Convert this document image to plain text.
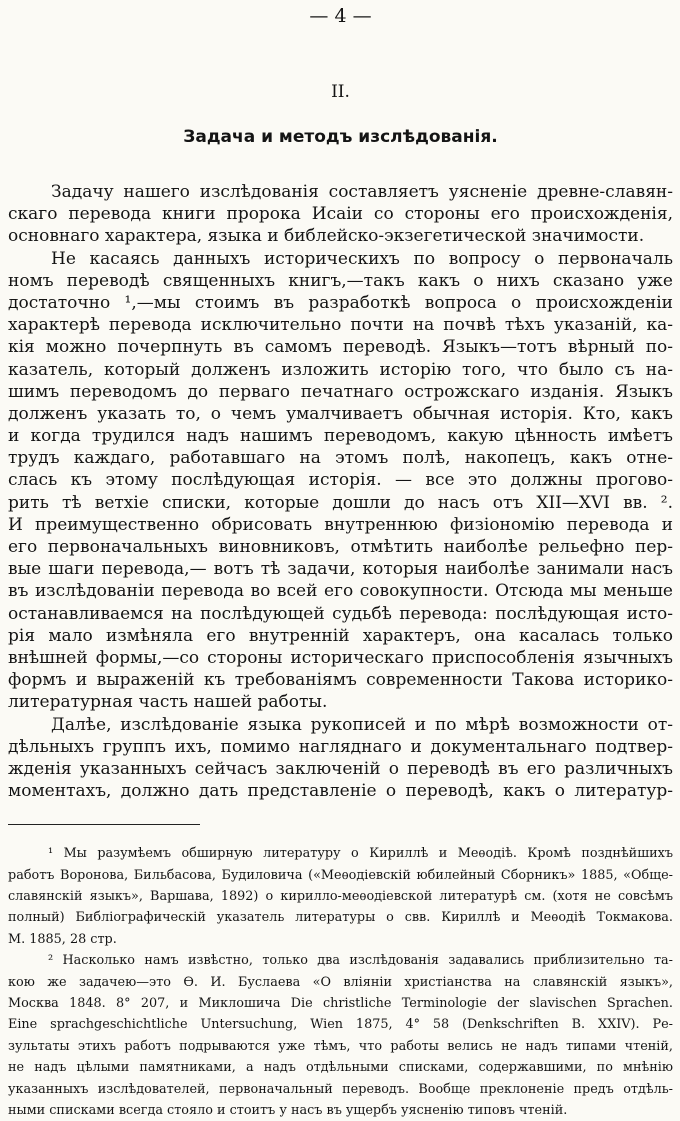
— 4 —
II.
Задача и методъ изслѣдованія.
Задачу нашего изслѣдованія составляетъ уясненіе древне-славян-
скаго перевода книги пророка Исаіи со стороны его происхожденія,
основнаго характера, языка и библейско-экзегетической значимости.
Не касаясь данныхъ историческихъ по вопросу о первоначаль
номъ переводѣ священныхъ книгъ,—такъ какъ о нихъ сказано уже
достаточно ¹,—мы стоимъ въ разработкѣ вопроса о происхожденіи
характерѣ перевода исключительно почти на почвѣ тѣхъ указаній, ка-
кія можно почерпнуть въ самомъ переводѣ. Языкъ—тотъ вѣрный по-
казатель, который долженъ изложить исторію того, что было съ на-
шимъ переводомъ до перваго печатнаго острожскаго изданія. Языкъ
долженъ указать то, о чемъ умалчиваетъ обычная исторія. Кто, какъ
и когда трудился надъ нашимъ переводомъ, какую цѣнность имѣетъ
трудъ каждаго, работавшаго на этомъ полѣ, накопецъ, какъ отне-
слась къ этому послѣдующая исторія. — все это должны прогово-
рить тѣ ветхіе списки, которые дошли до насъ отъ XII—XVI вв. ².
И преимущественно обрисовать внутреннюю физіономію перевода и
его первоначальныхъ виновниковъ, отмѣтить наиболѣе рельефно пер-
вые шаги перевода,— вотъ тѣ задачи, которыя наиболѣе занимали насъ
въ изслѣдованіи перевода во всей его совокупности. Отсюда мы меньше
останавливаемся на послѣдующей судьбѣ перевода: послѣдующая исто-
рія мало измѣняла его внутренній характеръ, она касалась только
внѣшней формы,—со стороны историческаго приспособленія язычныхъ
формъ и выраженій къ требованіямъ современности Такова историко-
литературная часть нашей работы.
Далѣе, изслѣдованіе языка рукописей и по мѣрѣ возможности от-
дѣльныхъ группъ ихъ, помимо нагляднаго и документальнаго подтвер-
жденія указанныхъ сейчасъ заключеній о переводѣ въ его различныхъ
моментахъ, должно дать представленіе о переводѣ, какъ о литератур-
¹ Мы разумѣемъ обширную литературу о Кириллѣ и Меѳодіѣ. Кромѣ позднѣйшихъ
работъ Воронова, Бильбасова, Будиловича («Меѳодіевскій юбилейный Сборникъ» 1885, «Обще-
славянскій языкъ», Варшава, 1892) о кирилло-меѳодіевской литературѣ см. (хотя не совсѣмъ
полный) Библіографическій указатель литературы о свв. Кириллѣ и Меѳодіѣ Токмакова.
М. 1885, 28 стр.
² Насколько намъ извѣстно, только два изслѣдованія задавались приблизительно та-
кою же задачею—это Ѳ. И. Буслаева «О вліяніи христіанства на славянскій языкъ»,
Москва 1848. 8° 207, и Миклошича Die christliche Terminologie der slavischen Sprachen.
Eine sprachgeschichtliche Untersuchung, Wien 1875, 4° 58 (Denkschriften B. XXIV). Ре-
зультаты этихъ работъ подрываются уже тѣмъ, что работы велись не надъ типами чтеній,
не надъ цѣлыми памятниками, а надъ отдѣльными списками, содержавшими, по мнѣнію
указанныхъ изслѣдователей, первоначальный переводъ. Вообще преклоненіе предъ отдѣль-
ными списками всегда стояло и стоитъ у насъ въ ущербъ уясненію типовъ чтеній.
